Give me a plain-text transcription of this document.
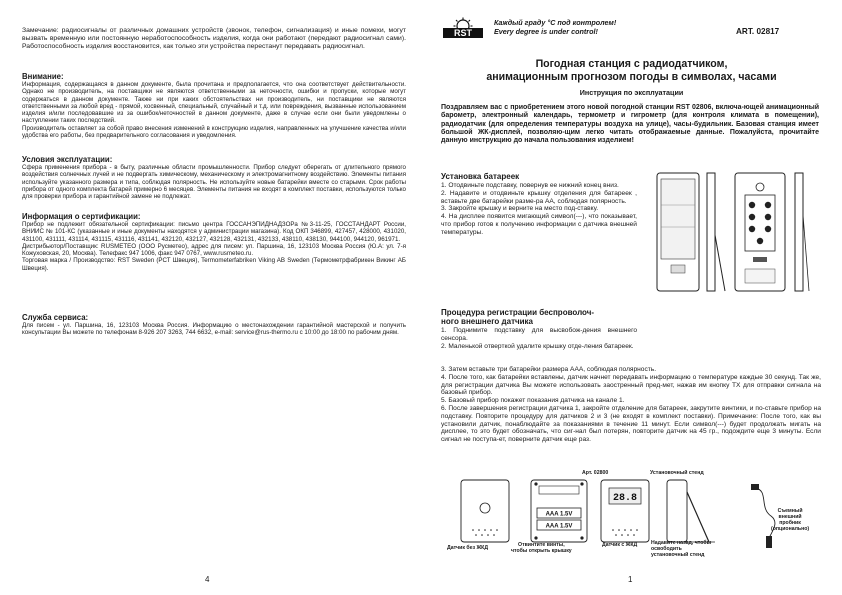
Замечание: радиосигналы от различных домашних устройств (звонок, телефон, сигнализация) и иные помехи, могут вызвать временную или постоянную неработоспособность изделия, когда они работают (передают радиосигнал сами). Работоспособность изделия восстановится, как только эти устройства перестанут передавать радиосигнал.
Внимание:
Информация, содержащаяся в данном документе, была прочитана и предполагается, что она соответствует действительности. Однако не производитель, на поставщики не являются ответственными за неточности, ошибки и пропуски, которые могут содержаться в данном документе. Также ни при каких обстоятельствах ни производитель, ни поставщики не являются ответственными за любой вред - прямой, косвенный, специальный, случайный и т.д. или повреждения, вызванные использованием изделия и/или последовавшие из за ошибок/неточностей в данном документе, даже в случае если они были уведомлены о наступлении таких последствий.
Производитель оставляет за собой право внесения изменений в конструкцию изделия, направленных на улучшение качества и/или удобства его работы, без предварительного согласования и уведомления.
Условия эксплуатации:
Сфера применения прибора - в быту, различные области промышленности. Прибор следует оберегать от длительного прямого воздействия солнечных лучей и не подвергать химическому, механическому и электромагнитному воздействию. Элементы питания используйте указанного размера и типа, соблюдая полярность. Не используйте новые батарейки вместе со старыми. Срок работы прибора от одного комплекта батарей примерно 6 месяцев. Элементы питания не входят в комплект поставки, используются только для проверки прибора и гарантийной замене не подлежат.
Информация о сертификации:
Прибор не подлежит обязательной сертификации: письмо центра ГОССАНЭПИДНАДЗОРа №3-11-25, ГОССТАНДАРТ России, ВНИИС № 101-КС (указанные и иные документы находятся у администрации магазина). Код ОКП 346899, 427457, 428000, 431020, 431100, 431111, 431114, 431115, 431116, 431141, 432120, 432127, 432128, 432131, 432133, 438110, 438130, 944100, 944120, 961971.
Дистрибьютор/Поставщик: RUSMETEO (ООО Русметео), адрес для писем: ул. Паршина, 16, 123103 Москва Россия (Ю.А: ул. 7-я Кожуховская, 20, Москва). Телефакс 947 1006, факс 947 0767, www.rusmeteo.ru.
Торговая марка / Производство: RST Sweden (РСТ Швеция), Termometerfabriken Viking AB Sweden (Термометрфабрикен Викинг АБ Швеция).
Служба сервиса:
Для писем - ул. Паршина, 16, 123103 Москва Россия. Информацию о местонахождении гарантийной мастерской и получить консультации Вы можете по телефонам 8-926 207 3263, 744 6632, e-mail: service@rus-thermo.ru с 10:00 до 18:00 по рабочим дням.
4
RST
Каждый граду °С под контролем!
Every degree is under control!	ART. 02817
Погодная станция с радиодатчиком,
анимационным прогнозом погоды в символах, часами
Инструкция по эксплуатации
Поздравляем вас с приобретением этого новой погодной станции RST 02806, включа-ющей анимационный барометр, электронный календарь, термометр и гигрометр (для контроля климата в помещении), радиодатчик (для определения температуры воздуха на улице), часы-будильник. Базовая станция имеет большой ЖК-дисплей, позволяю-щим легко читать отображаемые данные. Пожалуйста, прочитайте данную инструкцию до начала пользования изделием!
Установка батареек
1. Отодвиньте подставку, повернув ее нижний конец вниз.
2. Надавите и отодвиньте крышку отделения для батареек , вставьте две батарейки разме-ра АА, соблюдая полярность.
3. Закройте крышку и верните на место под-ставку.
4. На дисплее появится мигающий символ(---), что показывает, что прибор готов к получению информации с датчика внешней температуры.
Процедура регистрации беспроволоч-
ного внешнего датчика
1. Поднимите подставку для высвобож-дения внешнего сенсора.
2. Маленькой отверткой удалите крышку отде-ления батареек.
3. Затем вставьте три батарейки размера ААА, соблюдая полярность.
4. После того, как батарейки вставлены, датчик начнет передавать информацию о температуре каждые 30 секунд. Так же, для регистрации датчика Вы можете использовать заостренный пред-мет, нажав им кнопку TX для отправки сигнала на базовый прибор.
5. Базовый прибор покажет показания датчика на канале 1.
6. После завершения регистрации датчика 1, закройте отделение для батареек, закрутите винтики, и по-ставьте прибор на подставку. Повторите процедуру для датчиков 2 и 3 (не входят в комплект поставки). Примечание: После того, как вы установили датчик, понаблюдайте за показаниями в течение 11 минут. Если символ(---) будет продолжать мигать на дисплее, то это будет обозначать, что сиг-нал был потерян, повторите датчик на 45 гр., подождите еще 3 минуты. Если сигнал не поступа-ет, поверните датчик еще раз.
Арт. 02800	Установочный стенд
AAA 1.5V
AAA 1.5V
28.8
Датчик без ЖКД	Отвинтите винты,
чтобы открыть крышку
Датчик с ЖКД	Надавите назад, чтобы
освободить
установочный стенд
Съемный
внешний
пробник
(опционально)
1
